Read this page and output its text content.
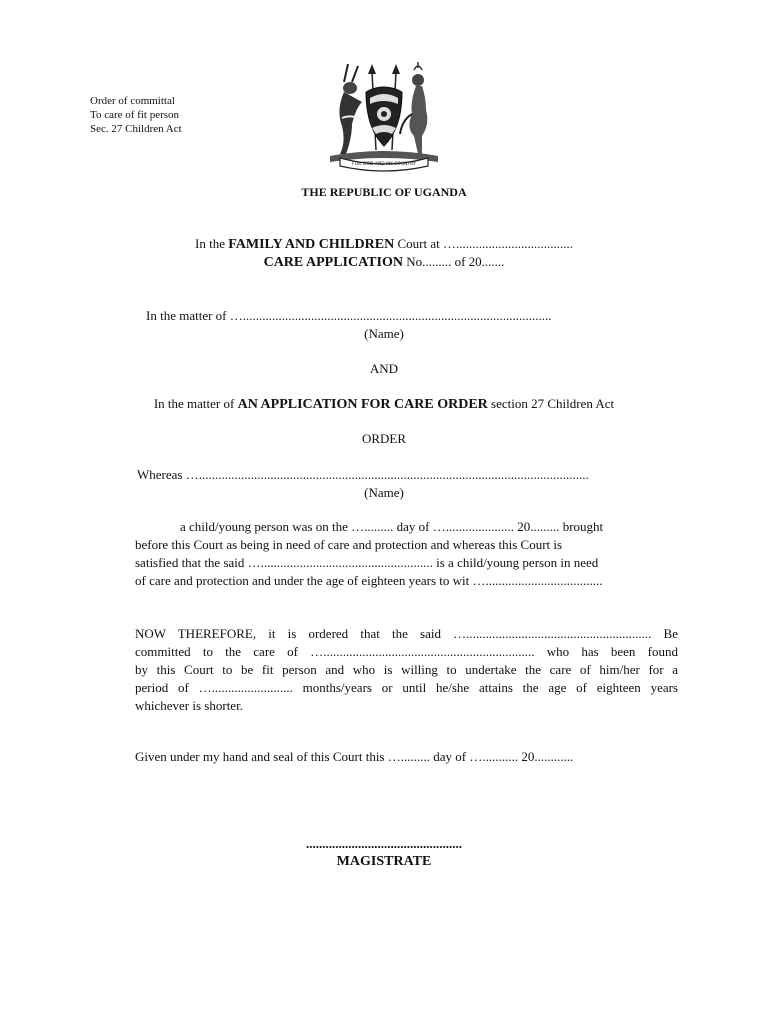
Order of committal
To care of fit person
Sec. 27 Children Act
FOR GOD AND MY COUNTRY
THE REPUBLIC OF UGANDA
In the FAMILY AND CHILDREN Court at …....................................
CARE APPLICATION No......... of 20.......
In the matter of …...............................................................................................
(Name)
AND
In the matter of AN APPLICATION FOR CARE ORDER section 27 Children Act
ORDER
Whereas …........................................................................................................................
(Name)
a child/young person was on the …......... day of …..................... 20......... brought
before this Court as being in need of care and protection and whereas this Court is
satisfied that the said …..................................................... is a child/young person in need
of care and protection and under the age of eighteen years to wit …....................................
NOW THEREFORE, it is ordered that the said …......................................................... Be
committed to the care of …................................................................. who has been found
by this Court to be fit person and who is willing to undertake the care of him/her for a
period of …......................... months/years or until he/she attains the age of eighteen years
whichever is shorter.
Given under my hand and seal of this Court this …......... day of …........... 20............
................................................
MAGISTRATE
